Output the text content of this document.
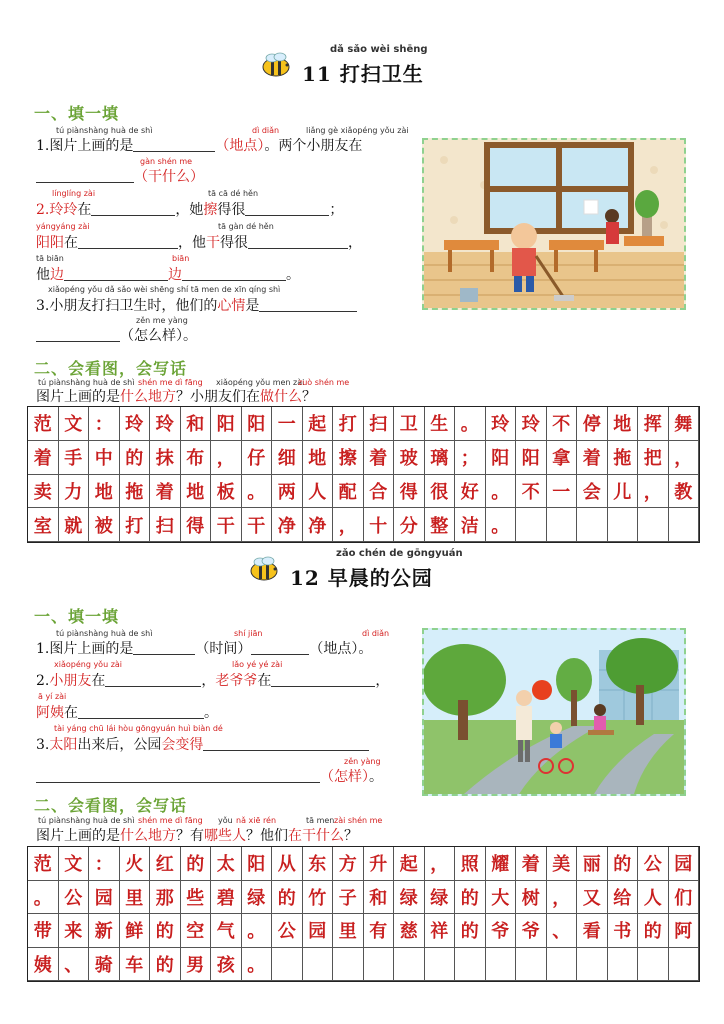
dǎ sǎo wèi shēng
11 打扫卫生
一、填一填
tú piànshàng huà de shì	dì diǎn	liǎng gè xiǎopéng yǒu zài
1.图片上画的是	（地点）。两个小朋友在
gàn shén me
（干什么）
línglíng zài	tā cā dé hěn
2.玲玲在	，她擦得很	；
yángyáng zài	tā gàn dé hěn
阳阳在	，他干得很	，
tā biān	biān
他边	边	。
xiǎopéng yǒu dǎ sǎo wèi shēng shí tā men de xīn qíng shì
3.小朋友打扫卫生时，他们的心情是
zěn me yàng
（怎么样）。
二、会看图，会写话
tú piànshàng huà de shì shén me dì fāng xiǎopéng yǒu men zài
zuò shén me
图片上画的是什么地方？小朋友们在做什么？
范 文 ： 玲 玲 和 阳 阳 一 起 打 扫 卫 生 。 玲 玲 不 停 地 挥 舞
着 手 中 的 抹 布 ， 仔 细 地 擦 着 玻 璃 ； 阳 阳 拿 着 拖 把 ，
卖 力 地 拖 着 地 板 。 两 人 配 合 得 很 好 。 不 一 会 儿 ， 教
室 就 被 打 扫 得 干 干 净 净 ， 十 分 整 洁 。
zǎo chén de gōngyuán
12 早晨的公园
一、填一填
tú piànshàng huà de shì	shí jiān	dì diǎn
1.图片上画的是	（时间）	（地点）。
xiǎopéng yǒu zài	lǎo yé yé zài
2.小朋友在	，老爷爷在	，
ā yí zài
阿姨在	。
tài yáng chū lái hòu gōngyuán huì biàn dé
3.太阳出来后，公园会变得
zěn yàng
（怎样）。
二、会看图，会写话
tú piànshàng huà de shì shén me dì fāng yǒu nǎ xiē rén	tā men zài shén me
图片上画的是什么地方？有哪些人？他们在干什么？
范 文 ： 火 红 的 太 阳 从 东 方 升 起 ， 照 耀 着 美 丽 的 公 园
。 公 园 里 那 些 碧 绿 的 竹 子 和 绿 绿 的 大 树 ， 又 给 人 们
带 来 新 鲜 的 空 气 。 公 园 里 有 慈 祥 的 爷 爷 、 看 书 的 阿
姨 、 骑 车 的 男 孩 。
